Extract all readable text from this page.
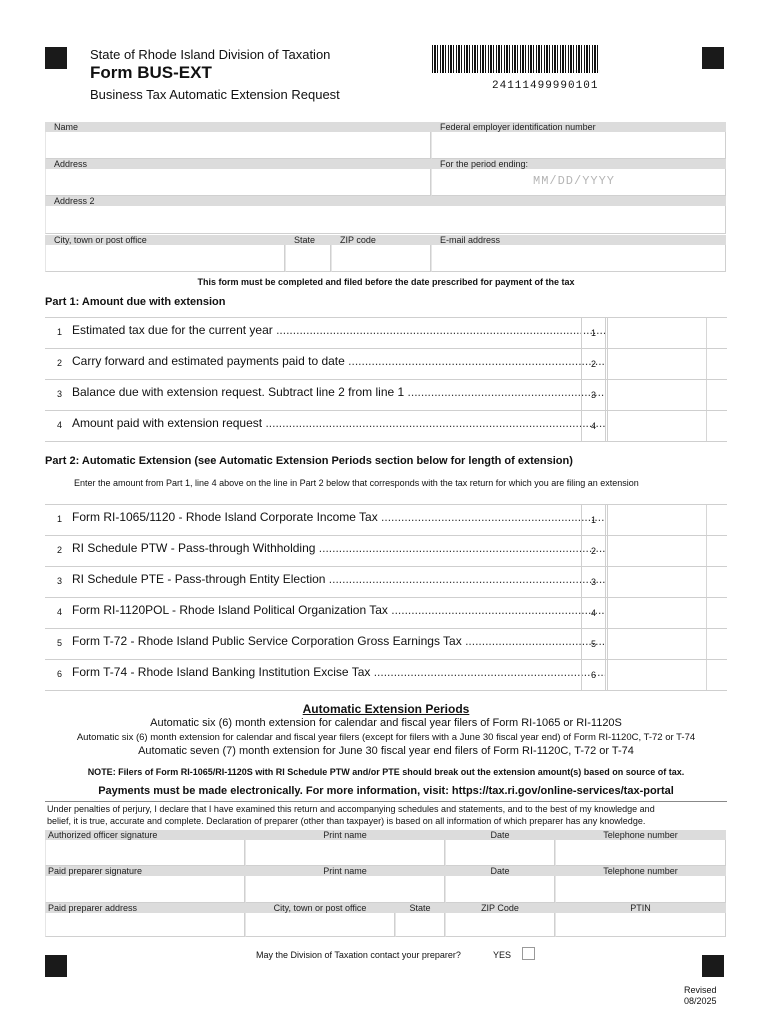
State of Rhode Island Division of Taxation
Form BUS-EXT
Business Tax Automatic Extension Request
24111499990101
Name	Federal employer identification number
Address	For the period ending:
MM/DD/YYYY
Address 2
City, town or post office	State	ZIP code	E-mail address
This form must be completed and filed before the date prescribed for payment of the tax
Part 1: Amount due with extension
1 Estimated tax due for the current year .....	1
2 Carry forward and estimated payments paid to date .....	2
3 Balance due with extension request. Subtract line 2 from line 1 .....	3
4 Amount paid with extension request .....	4
Part 2: Automatic Extension (see Automatic Extension Periods section below for length of extension)
Enter the amount from Part 1, line 4 above on the line in Part 2 below that corresponds with the tax return for which you are filing an extension
1 Form RI-1065/1120 - Rhode Island Corporate Income Tax .....	1
2 RI Schedule PTW - Pass-through Withholding .....	2
3 RI Schedule PTE - Pass-through Entity Election .....	3
4 Form RI-1120POL - Rhode Island Political Organization Tax .....	4
5 Form T-72 - Rhode Island Public Service Corporation Gross Earnings Tax .....	5
6 Form T-74 - Rhode Island Banking Institution Excise Tax .....	6
Automatic Extension Periods
Automatic six (6) month extension for calendar and fiscal year filers of Form RI-1065 or RI-1120S
Automatic six (6) month extension for calendar and fiscal year filers (except for filers with a June 30 fiscal year end) of Form RI-1120C, T-72 or T-74
Automatic seven (7) month extension for June 30 fiscal year end filers of Form RI-1120C, T-72 or T-74
NOTE: Filers of Form RI-1065/RI-1120S with RI Schedule PTW and/or PTE should break out the extension amount(s) based on source of tax.
Payments must be made electronically. For more information, visit: https://tax.ri.gov/online-services/tax-portal
Under penalties of perjury, I declare that I have examined this return and accompanying schedules and statements, and to the best of my knowledge and
belief, it is true, accurate and complete. Declaration of preparer (other than taxpayer) is based on all information of which preparer has any knowledge.
Authorized officer signature	Print name	Date	Telephone number
Paid preparer signature	Print name	Date	Telephone number
Paid preparer address	City, town or post office	State	ZIP Code	PTIN
May the Division of Taxation contact your preparer?	YES
Revised
08/2025
